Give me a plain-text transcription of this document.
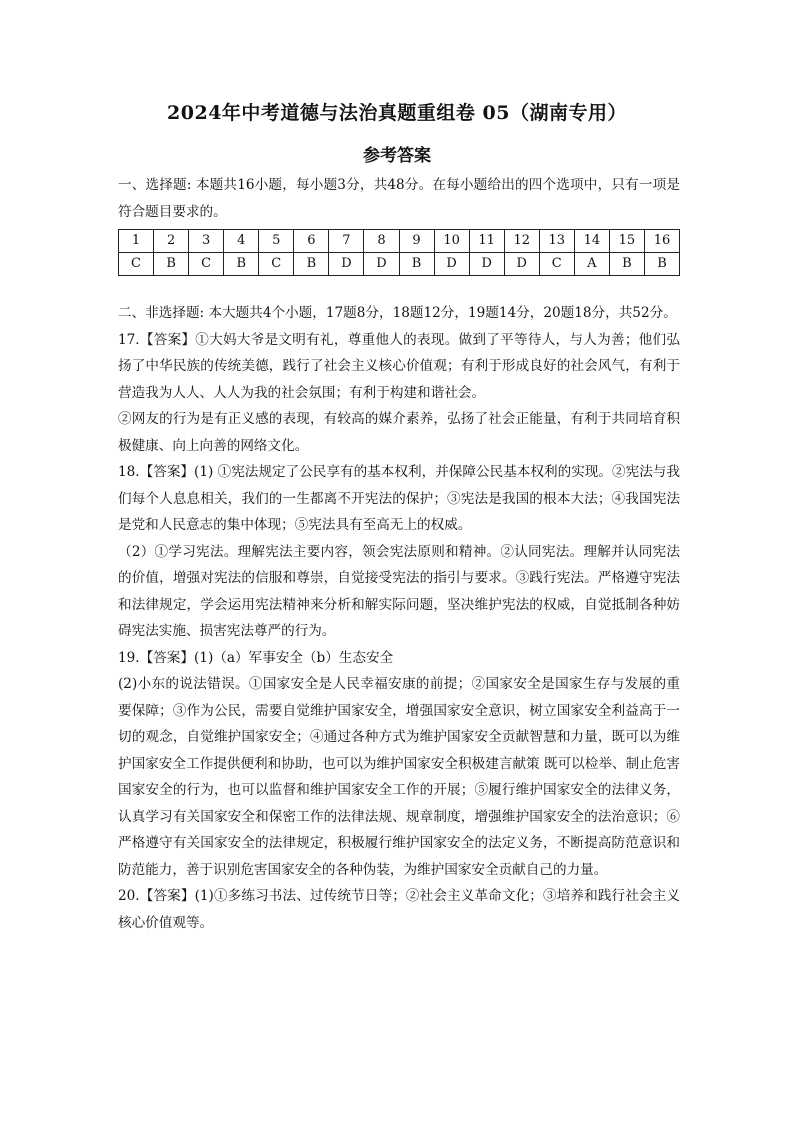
2024年中考道德与法治真题重组卷 05（湖南专用）
参考答案

一、选择题: 本题共16小题，每小题3分，共48分。在每小题给出的四个选项中，只有一项是符合题目要求的。

1	2	3	4	5	6	7	8	9	10	11	12	13	14	15	16
C	B	C	B	C	B	D	D	B	D	D	D	C	A	B	B

二、非选择题: 本大题共4个小题，17题8分，18题12分，19题14分，20题18分，共52分。

17.【答案】①大妈大爷是文明有礼，尊重他人的表现。做到了平等待人，与人为善；他们弘扬了中华民族的传统美德，践行了社会主义核心价值观；有利于形成良好的社会风气，有利于营造我为人人、人人为我的社会氛围；有利于构建和谐社会。

②网友的行为是有正义感的表现，有较高的媒介素养，弘扬了社会正能量，有利于共同培育积极健康、向上向善的网络文化。

18.【答案】(1) ①宪法规定了公民享有的基本权利，并保障公民基本权利的实现。②宪法与我们每个人息息相关，我们的一生都离不开宪法的保护；③宪法是我国的根本大法；④我国宪法是党和人民意志的集中体现；⑤宪法具有至高无上的权威。

（2）①学习宪法。理解宪法主要内容，领会宪法原则和精神。②认同宪法。理解并认同宪法的价值，增强对宪法的信服和尊崇，自觉接受宪法的指引与要求。③践行宪法。严格遵守宪法和法律规定，学会运用宪法精神来分析和解实际问题，坚决维护宪法的权威，自觉抵制各种妨碍宪法实施、损害宪法尊严的行为。

19.【答案】(1)（a）军事安全（b）生态安全

(2)小东的说法错误。①国家安全是人民幸福安康的前提；②国家安全是国家生存与发展的重要保障；③作为公民，需要自觉维护国家安全，增强国家安全意识，树立国家安全利益高于一切的观念，自觉维护国家安全；④通过各种方式为维护国家安全贡献智慧和力量，既可以为维护国家安全工作提供便利和协助，也可以为维护国家安全积极建言献策 既可以检举、制止危害国家安全的行为，也可以监督和维护国家安全工作的开展；⑤履行维护国家安全的法律义务，认真学习有关国家安全和保密工作的法律法规、规章制度，增强维护国家安全的法治意识；⑥严格遵守有关国家安全的法律规定，积极履行维护国家安全的法定义务，不断提高防范意识和防范能力，善于识别危害国家安全的各种伪装，为维护国家安全贡献自己的力量。

20.【答案】(1)①多练习书法、过传统节日等；②社会主义革命文化；③培养和践行社会主义核心价值观等。
